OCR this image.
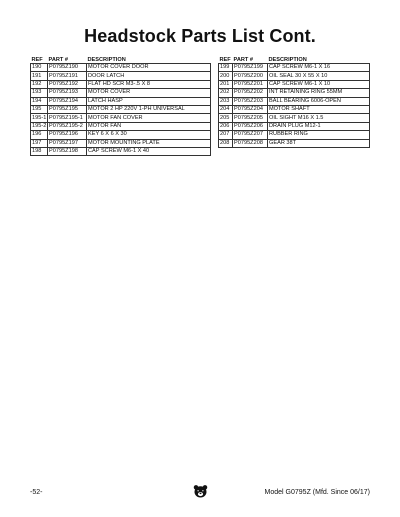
Headstock Parts List Cont.
REF	PART #	DESCRIPTION
190	P0795Z190	MOTOR COVER DOOR
191	P0795Z191	DOOR LATCH
192	P0795Z192	FLAT HD SCR M3-.5 X 8
193	P0795Z193	MOTOR COVER
194	P0795Z194	LATCH HASP
195	P0795Z195	MOTOR 2 HP 220V 1-PH UNIVERSAL
195-1	P0795Z195-1	MOTOR FAN COVER
195-2	P0795Z195-2	MOTOR FAN
196	P0795Z196	KEY 6 X 6 X 30
197	P0795Z197	MOTOR MOUNTING PLATE
198	P0795Z198	CAP SCREW M6-1 X 40
REF	PART #	DESCRIPTION
199	P0795Z199	CAP SCREW M6-1 X 16
200	P0795Z200	OIL SEAL 30 X 55 X 10
201	P0795Z201	CAP SCREW M6-1 X 10
202	P0795Z202	INT RETAINING RING 55MM
203	P0795Z203	BALL BEARING 6006-OPEN
204	P0795Z204	MOTOR SHAFT
205	P0795Z205	OIL SIGHT M16 X 1.5
206	P0795Z206	DRAIN PLUG M12-1
207	P0795Z207	RUBBER RING
208	P0795Z208	GEAR 38T
-52-	Model G0795Z (Mfd. Since 06/17)
